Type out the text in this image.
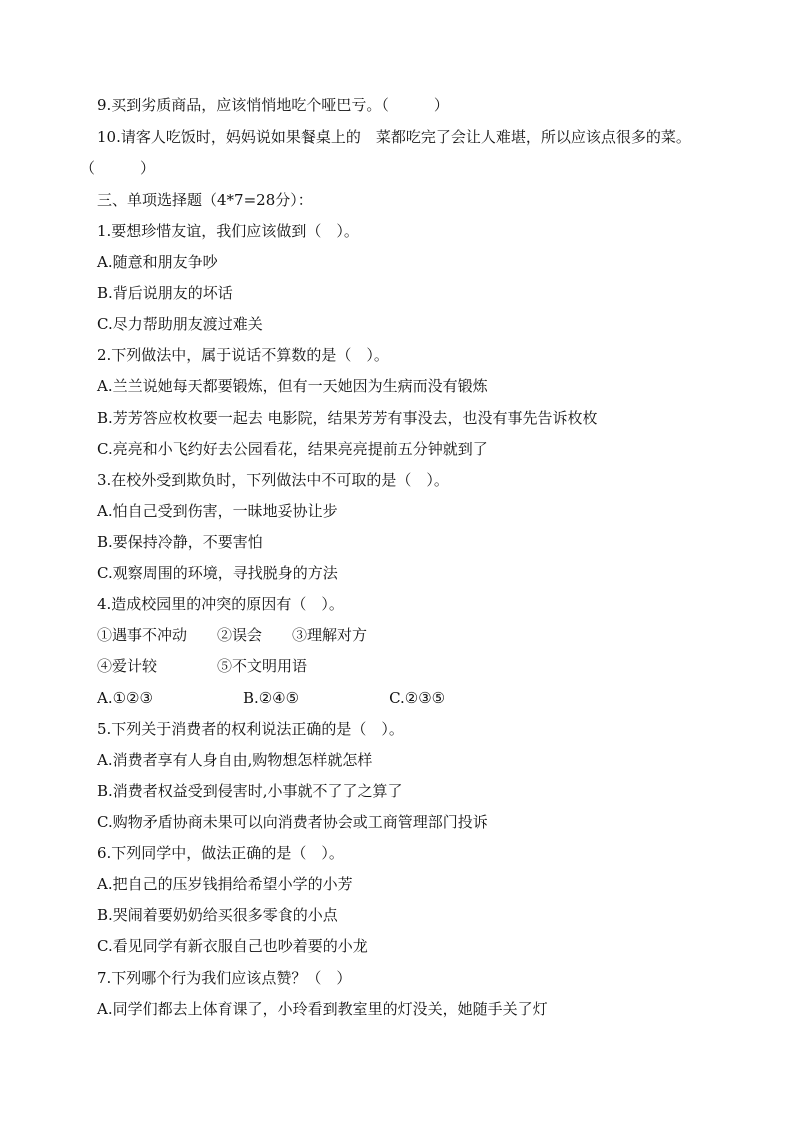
9.买到劣质商品，应该悄悄地吃个哑巴亏。（　　　）
10.请客人吃饭时，妈妈说如果餐桌上的　菜都吃完了会让人难堪，所以应该点很多的菜。
（　　　）
三、单项选择题（4*7=28分）：
1.要想珍惜友谊，我们应该做到（　）。
A.随意和朋友争吵
B.背后说朋友的坏话
C.尽力帮助朋友渡过难关
2.下列做法中，属于说话不算数的是（　）。
A.兰兰说她每天都要锻炼，但有一天她因为生病而没有锻炼
B.芳芳答应枚枚要一起去 电影院，结果芳芳有事没去，也没有事先告诉枚枚
C.亮亮和小飞约好去公园看花，结果亮亮提前五分钟就到了
3.在校外受到欺负时，下列做法中不可取的是（　）。
A.怕自己受到伤害，一昧地妥协让步
B.要保持冷静，不要害怕
C.观察周围的环境，寻找脱身的方法
4.造成校园里的冲突的原因有（　）。
①遇事不冲动　　②误会　　③理解对方
④爱计较　　　　⑤不文明用语
A.①②③　　　　　　B.②④⑤　　　　　　C.②③⑤
5.下列关于消费者的权利说法正确的是（　）。
A.消费者享有人身自由,购物想怎样就怎样
B.消费者权益受到侵害时,小事就不了了之算了
C.购物矛盾协商未果可以向消费者协会或工商管理部门投诉
6.下列同学中，做法正确的是（　）。
A.把自己的压岁钱捐给希望小学的小芳
B.哭闹着要奶奶给买很多零食的小点
C.看见同学有新衣服自己也吵着要的小龙
7.下列哪个行为我们应该点赞？（　）
A.同学们都去上体育课了，小玲看到教室里的灯没关，她随手关了灯
